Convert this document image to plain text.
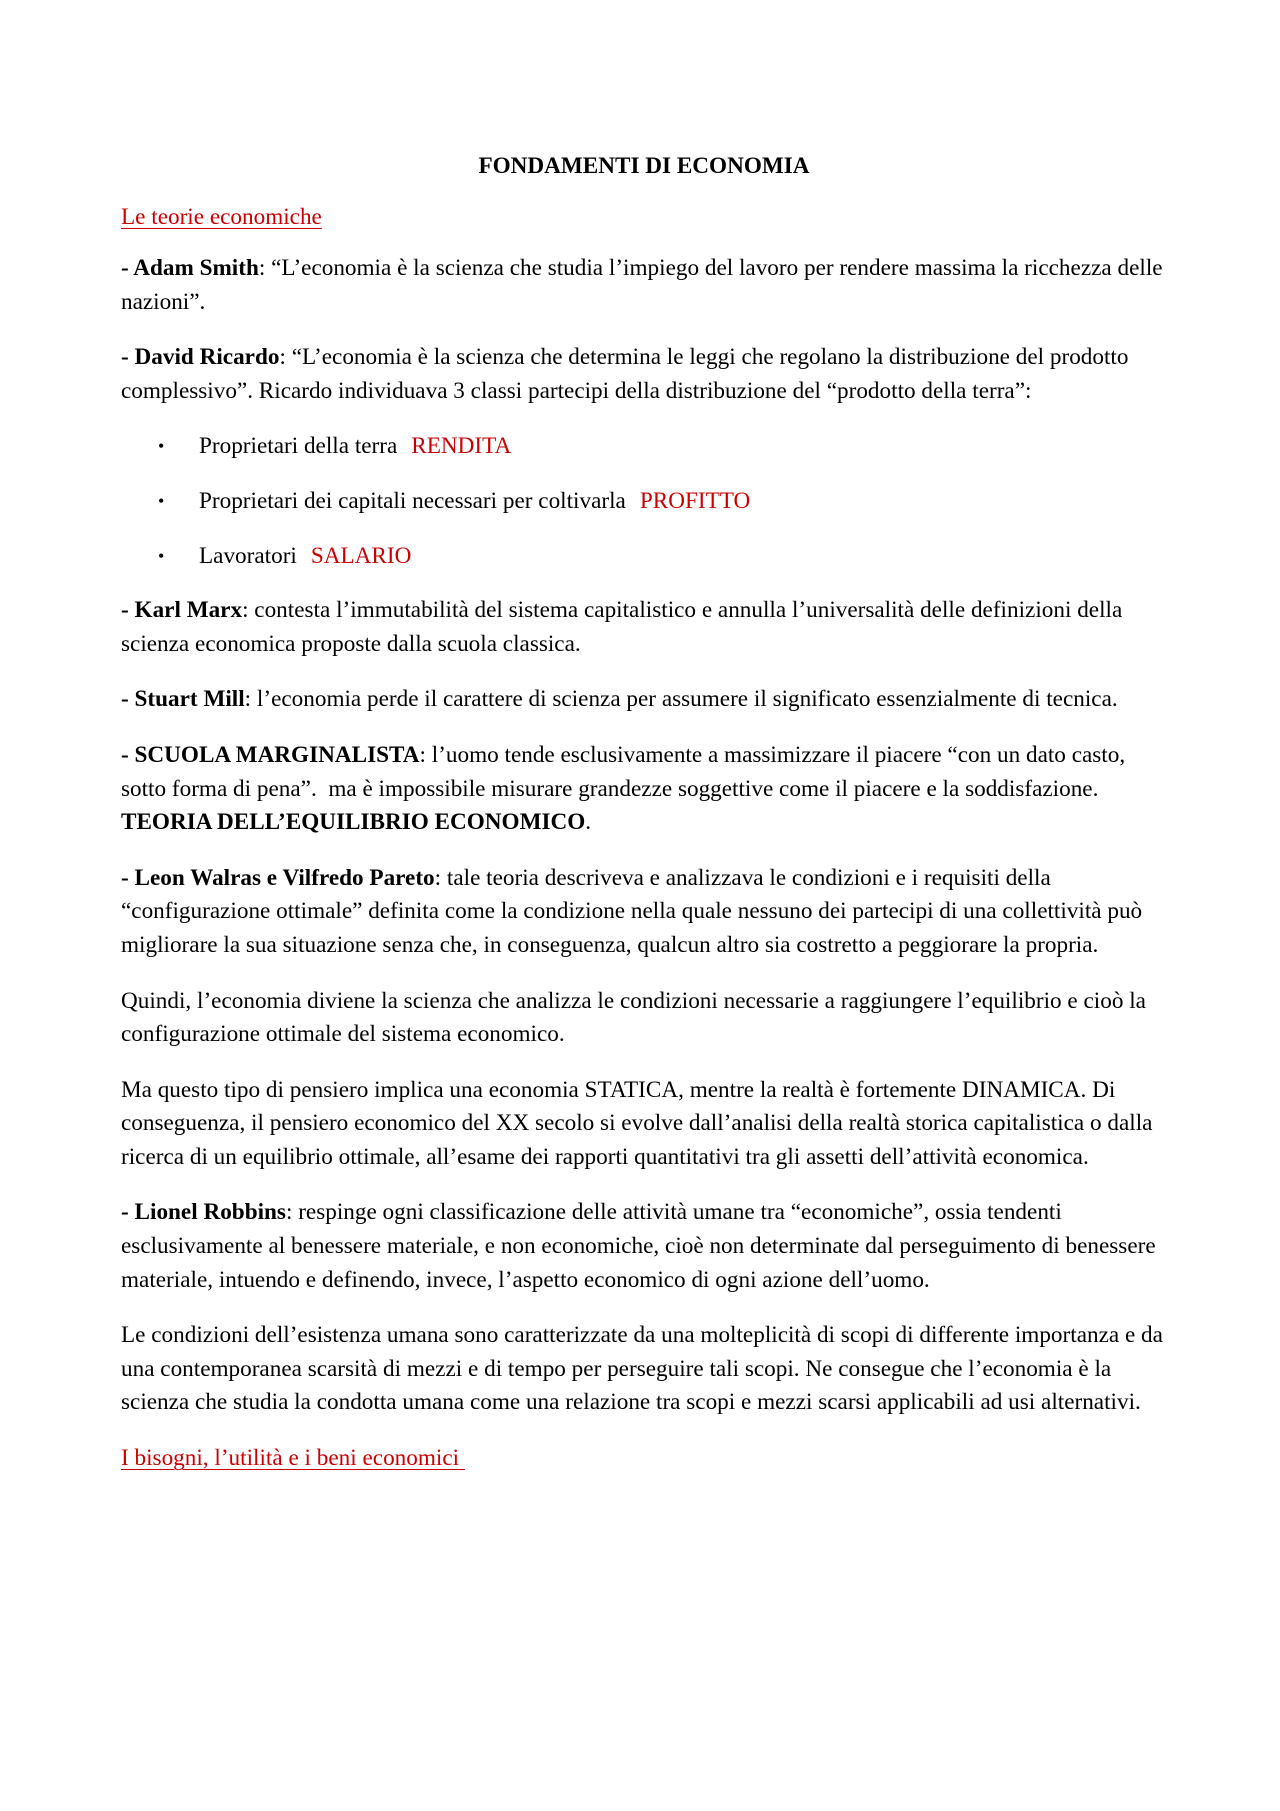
FONDAMENTI DI ECONOMIA
Le teorie economiche

- Adam Smith: “L’economia è la scienza che studia l’impiego del lavoro per rendere massima la ricchezza delle nazioni”.

- David Ricardo: “L’economia è la scienza che determina le leggi che regolano la distribuzione del prodotto complessivo”. Ricardo individuava 3 classi partecipi della distribuzione del “prodotto della terra”:

• Proprietari della terra RENDITA
• Proprietari dei capitali necessari per coltivarla PROFITTO
• Lavoratori SALARIO

- Karl Marx: contesta l’immutabilità del sistema capitalistico e annulla l’universalità delle definizioni della scienza economica proposte dalla scuola classica.

- Stuart Mill: l’economia perde il carattere di scienza per assumere il significato essenzialmente di tecnica.

- SCUOLA MARGINALISTA: l’uomo tende esclusivamente a massimizzare il piacere “con un dato casto, sotto forma di pena”.  ma è impossibile misurare grandezze soggettive come il piacere e la soddisfazione.  TEORIA DELL’EQUILIBRIO ECONOMICO.

- Leon Walras e Vilfredo Pareto: tale teoria descriveva e analizzava le condizioni e i requisiti della “configurazione ottimale” definita come la condizione nella quale nessuno dei partecipi di una collettività può migliorare la sua situazione senza che, in conseguenza, qualcun altro sia costretto a peggiorare la propria.

Quindi, l’economia diviene la scienza che analizza le condizioni necessarie a raggiungere l’equilibrio e cioò la configurazione ottimale del sistema economico.

Ma questo tipo di pensiero implica una economia STATICA, mentre la realtà è fortemente DINAMICA. Di conseguenza, il pensiero economico del XX secolo si evolve dall’analisi della realtà storica capitalistica o dalla ricerca di un equilibrio ottimale, all’esame dei rapporti quantitativi tra gli assetti dell’attività economica.

- Lionel Robbins: respinge ogni classificazione delle attività umane tra “economiche”, ossia tendenti esclusivamente al benessere materiale, e non economiche, cioè non determinate dal perseguimento di benessere materiale, intuendo e definendo, invece, l’aspetto economico di ogni azione dell’uomo.

Le condizioni dell’esistenza umana sono caratterizzate da una molteplicità di scopi di differente importanza e da una contemporanea scarsità di mezzi e di tempo per perseguire tali scopi. Ne consegue che l’economia è la scienza che studia la condotta umana come una relazione tra scopi e mezzi scarsi applicabili ad usi alternativi.

I bisogni, l’utilità e i beni economici
